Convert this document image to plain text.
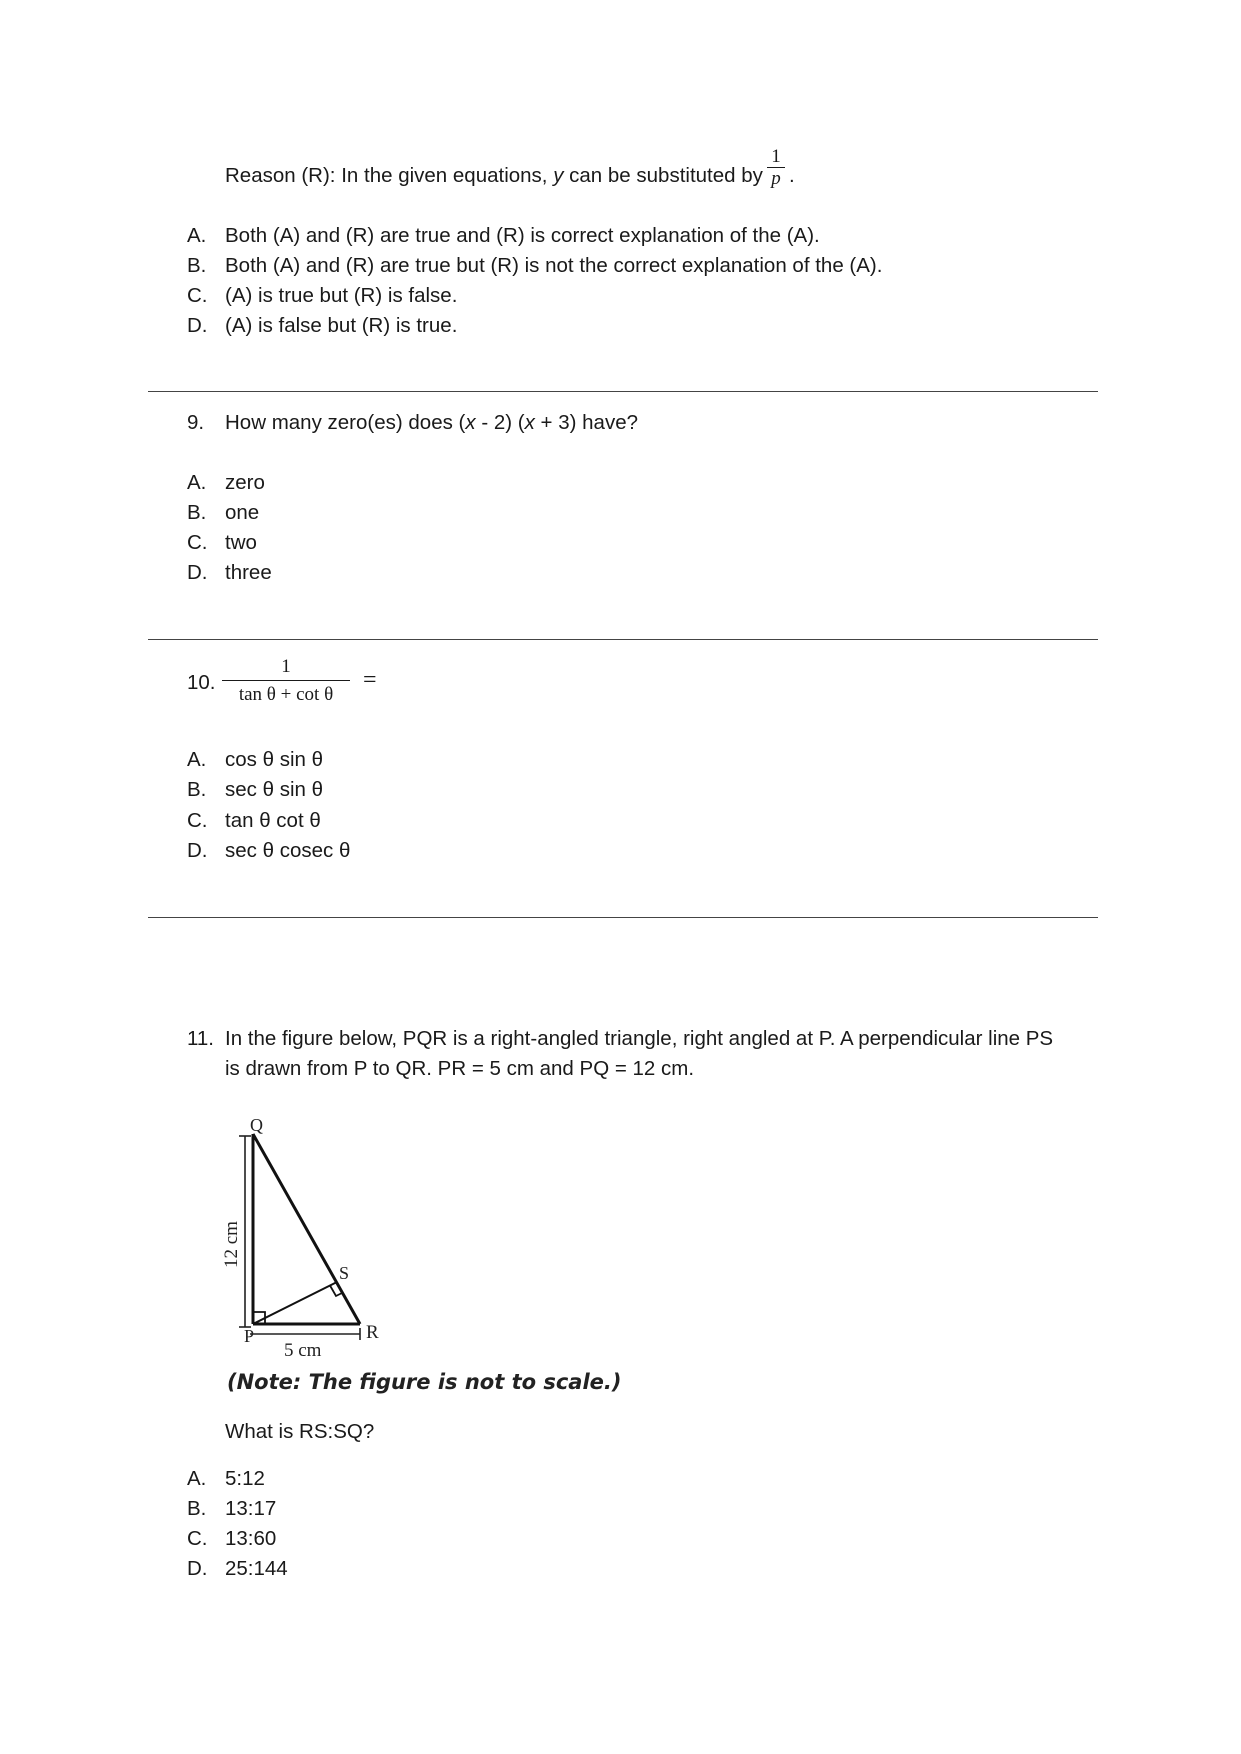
Reason (R): In the given equations, y can be substituted by
1
p .
A. Both (A) and (R) are true and (R) is correct explanation of the (A).
B. Both (A) and (R) are true but (R) is not the correct explanation of the (A).
C. (A) is true but (R) is false.
D. (A) is false but (R) is true.
9. How many zero(es) does (x - 2) (x + 3) have?
A. zero
B. one
C. two
D. three
10.
1
tan θ + cot θ
=
A. cos θ sin θ
B. sec θ sin θ
C. tan θ cot θ
D. sec θ cosec θ
11. In the figure below, PQR is a right-angled triangle, right angled at P. A perpendicular line PS
is drawn from P to QR. PR = 5 cm and PQ = 12 cm.
Q
P	R
S
12 cm
5 cm
(Note: The figure is not to scale.)
What is RS:SQ?
A. 5:12
B. 13:17
C. 13:60
D. 25:144
